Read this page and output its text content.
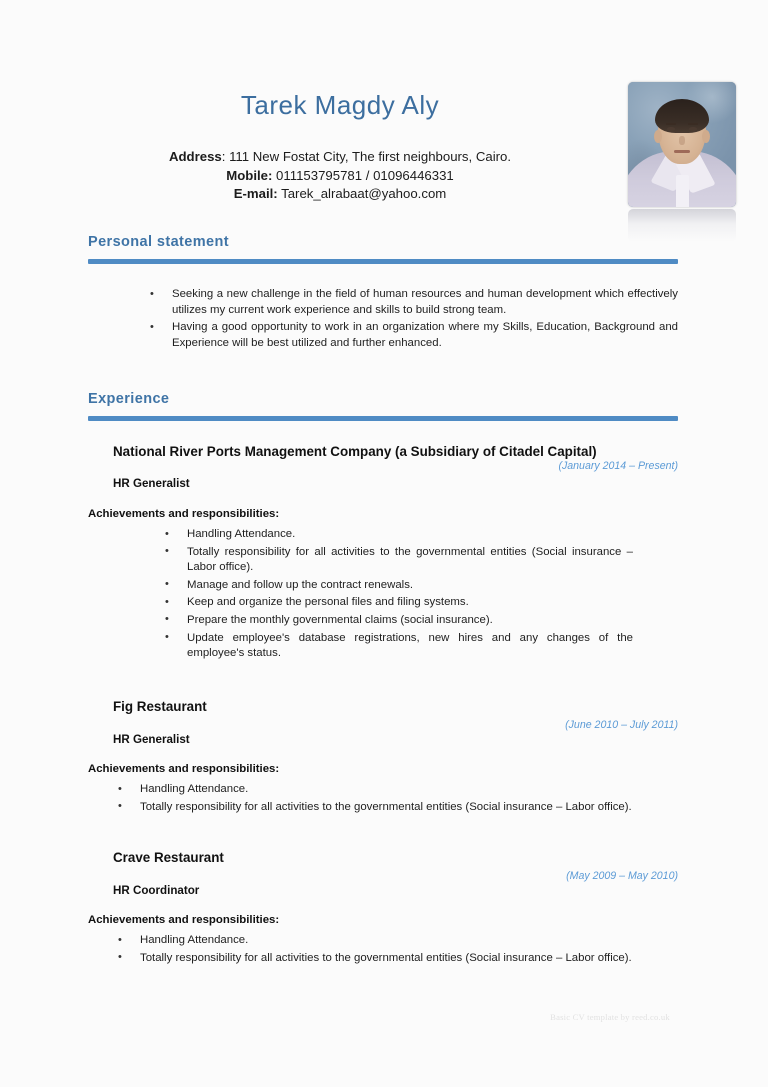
Tarek Magdy Aly
Address: 111 New Fostat City, The first neighbours, Cairo.
Mobile: 011153795781 / 01096446331
E-mail: Tarek_alrabaat@yahoo.com
Personal statement
• Seeking a new challenge in the field of human resources and human development which effectively utilizes my current work experience and skills to build strong team.
• Having a good opportunity to work in an organization where my Skills, Education, Background and Experience will be best utilized and further enhanced.
Experience
National River Ports Management Company (a Subsidiary of Citadel Capital)
(January 2014 – Present)
HR Generalist
Achievements and responsibilities:
• Handling Attendance.
• Totally responsibility for all activities to the governmental entities (Social insurance – Labor office).
• Manage and follow up the contract renewals.
• Keep and organize the personal files and filing systems.
• Prepare the monthly governmental claims (social insurance).
• Update employee's database registrations, new hires and any changes of the employee's status.
Fig Restaurant
(June 2010 – July 2011)
HR Generalist
Achievements and responsibilities:
• Handling Attendance.
• Totally responsibility for all activities to the governmental entities (Social insurance – Labor office).
Crave Restaurant
(May 2009 – May 2010)
HR Coordinator
Achievements and responsibilities:
• Handling Attendance.
• Totally responsibility for all activities to the governmental entities (Social insurance – Labor office).
Basic CV template by reed.co.uk
